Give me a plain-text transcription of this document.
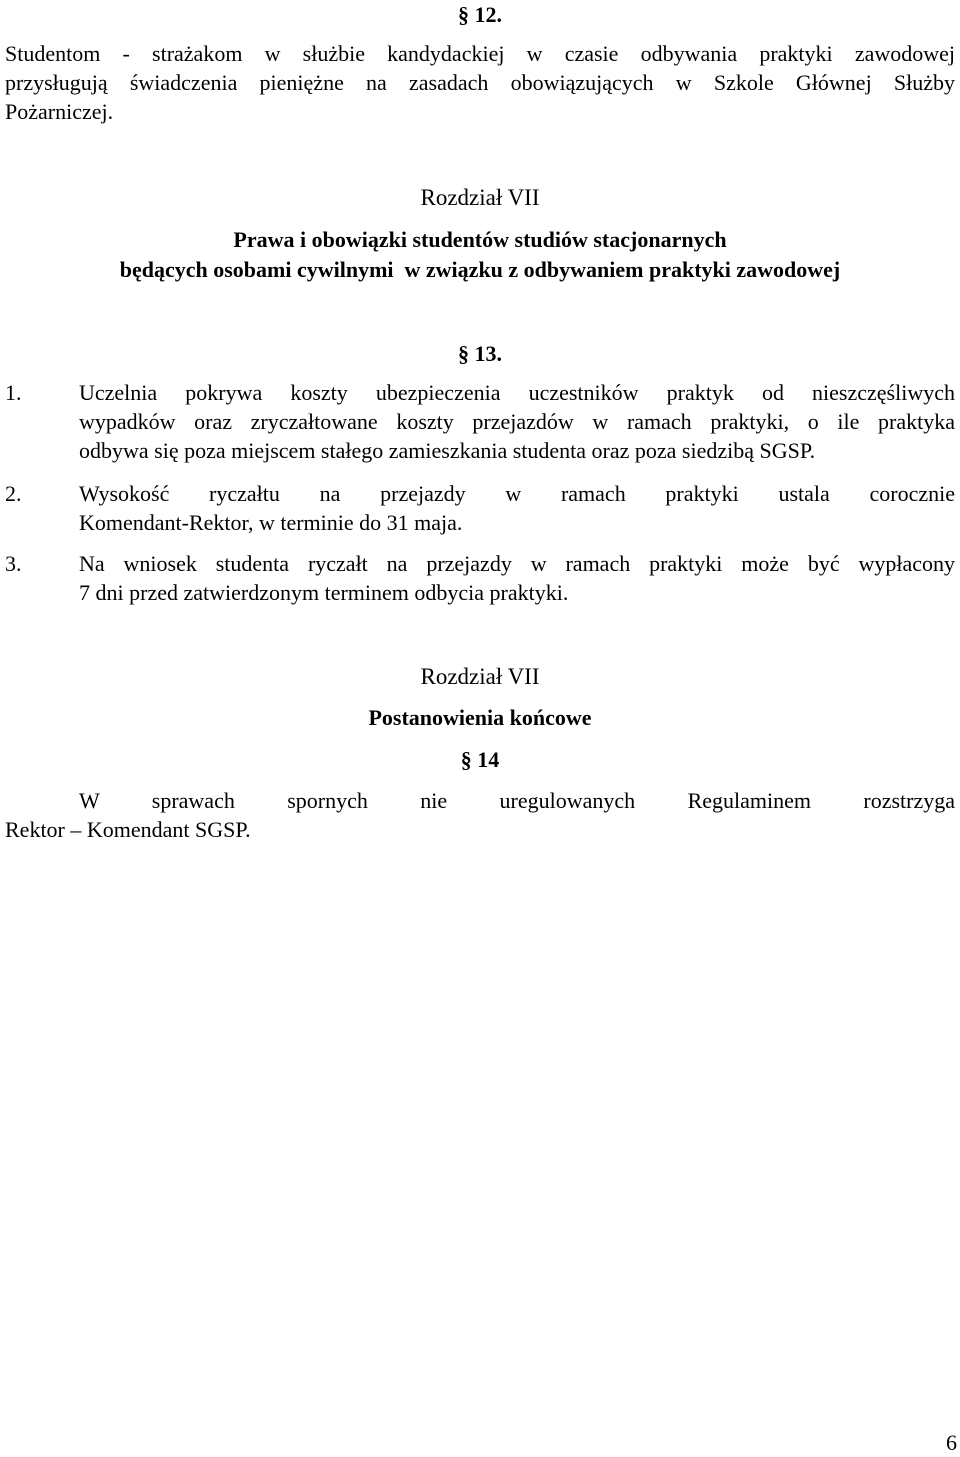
§ 12.
Studentom - strażakom w służbie kandydackiej w czasie odbywania praktyki zawodowej
przysługują świadczenia pieniężne na zasadach obowiązujących w Szkole Głównej Służby
Pożarniczej.
Rozdział VII
Prawa i obowiązki studentów studiów stacjonarnych
będących osobami cywilnymi  w związku z odbywaniem praktyki zawodowej
§ 13.
1.	Uczelnia pokrywa koszty ubezpieczenia uczestników praktyk od nieszczęśliwych
wypadków oraz zryczałtowane koszty przejazdów w ramach praktyki, o ile praktyka
odbywa się poza miejscem stałego zamieszkania studenta oraz poza siedzibą SGSP.
2.	Wysokość ryczałtu na przejazdy w ramach praktyki ustala corocznie
Komendant-Rektor, w terminie do 31 maja.
3.	Na wniosek studenta ryczałt na przejazdy w ramach praktyki może być wypłacony
7 dni przed zatwierdzonym terminem odbycia praktyki.
Rozdział VII
Postanowienia końcowe
§ 14
W sprawach spornych nie uregulowanych Regulaminem rozstrzyga
Rektor – Komendant SGSP.
6
